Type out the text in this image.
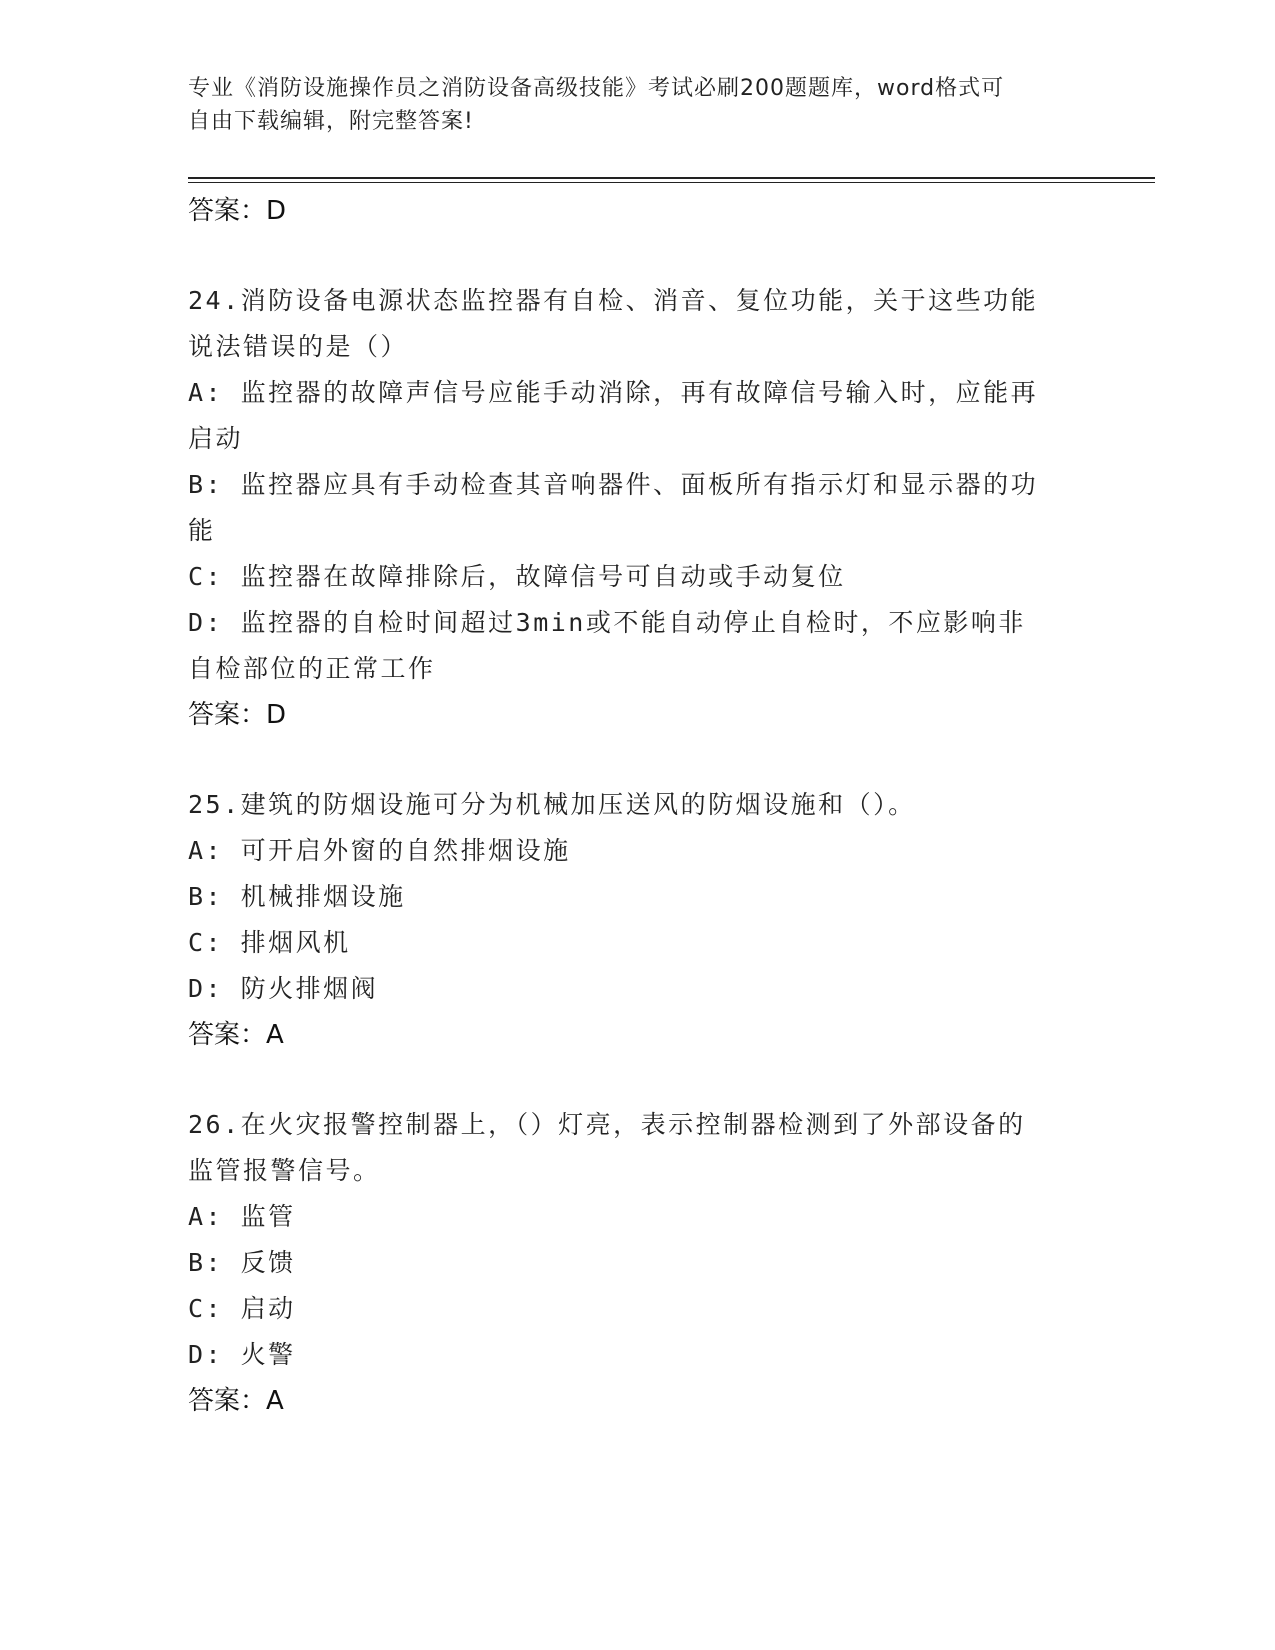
专业《消防设施操作员之消防设备高级技能》考试必刷200题题库，word格式可
自由下载编辑，附完整答案!
答案：D
24.消防设备电源状态监控器有自检、消音、复位功能，关于这些功能
说法错误的是（）
A: 监控器的故障声信号应能手动消除，再有故障信号输入时，应能再
启动
B: 监控器应具有手动检查其音响器件、面板所有指示灯和显示器的功
能
C: 监控器在故障排除后，故障信号可自动或手动复位
D: 监控器的自检时间超过3min或不能自动停止自检时，不应影响非
自检部位的正常工作
答案：D
25.建筑的防烟设施可分为机械加压送风的防烟设施和（）。
A: 可开启外窗的自然排烟设施
B: 机械排烟设施
C: 排烟风机
D: 防火排烟阀
答案：A
26.在火灾报警控制器上，（）灯亮，表示控制器检测到了外部设备的
监管报警信号。
A: 监管
B: 反馈
C: 启动
D: 火警
答案：A
